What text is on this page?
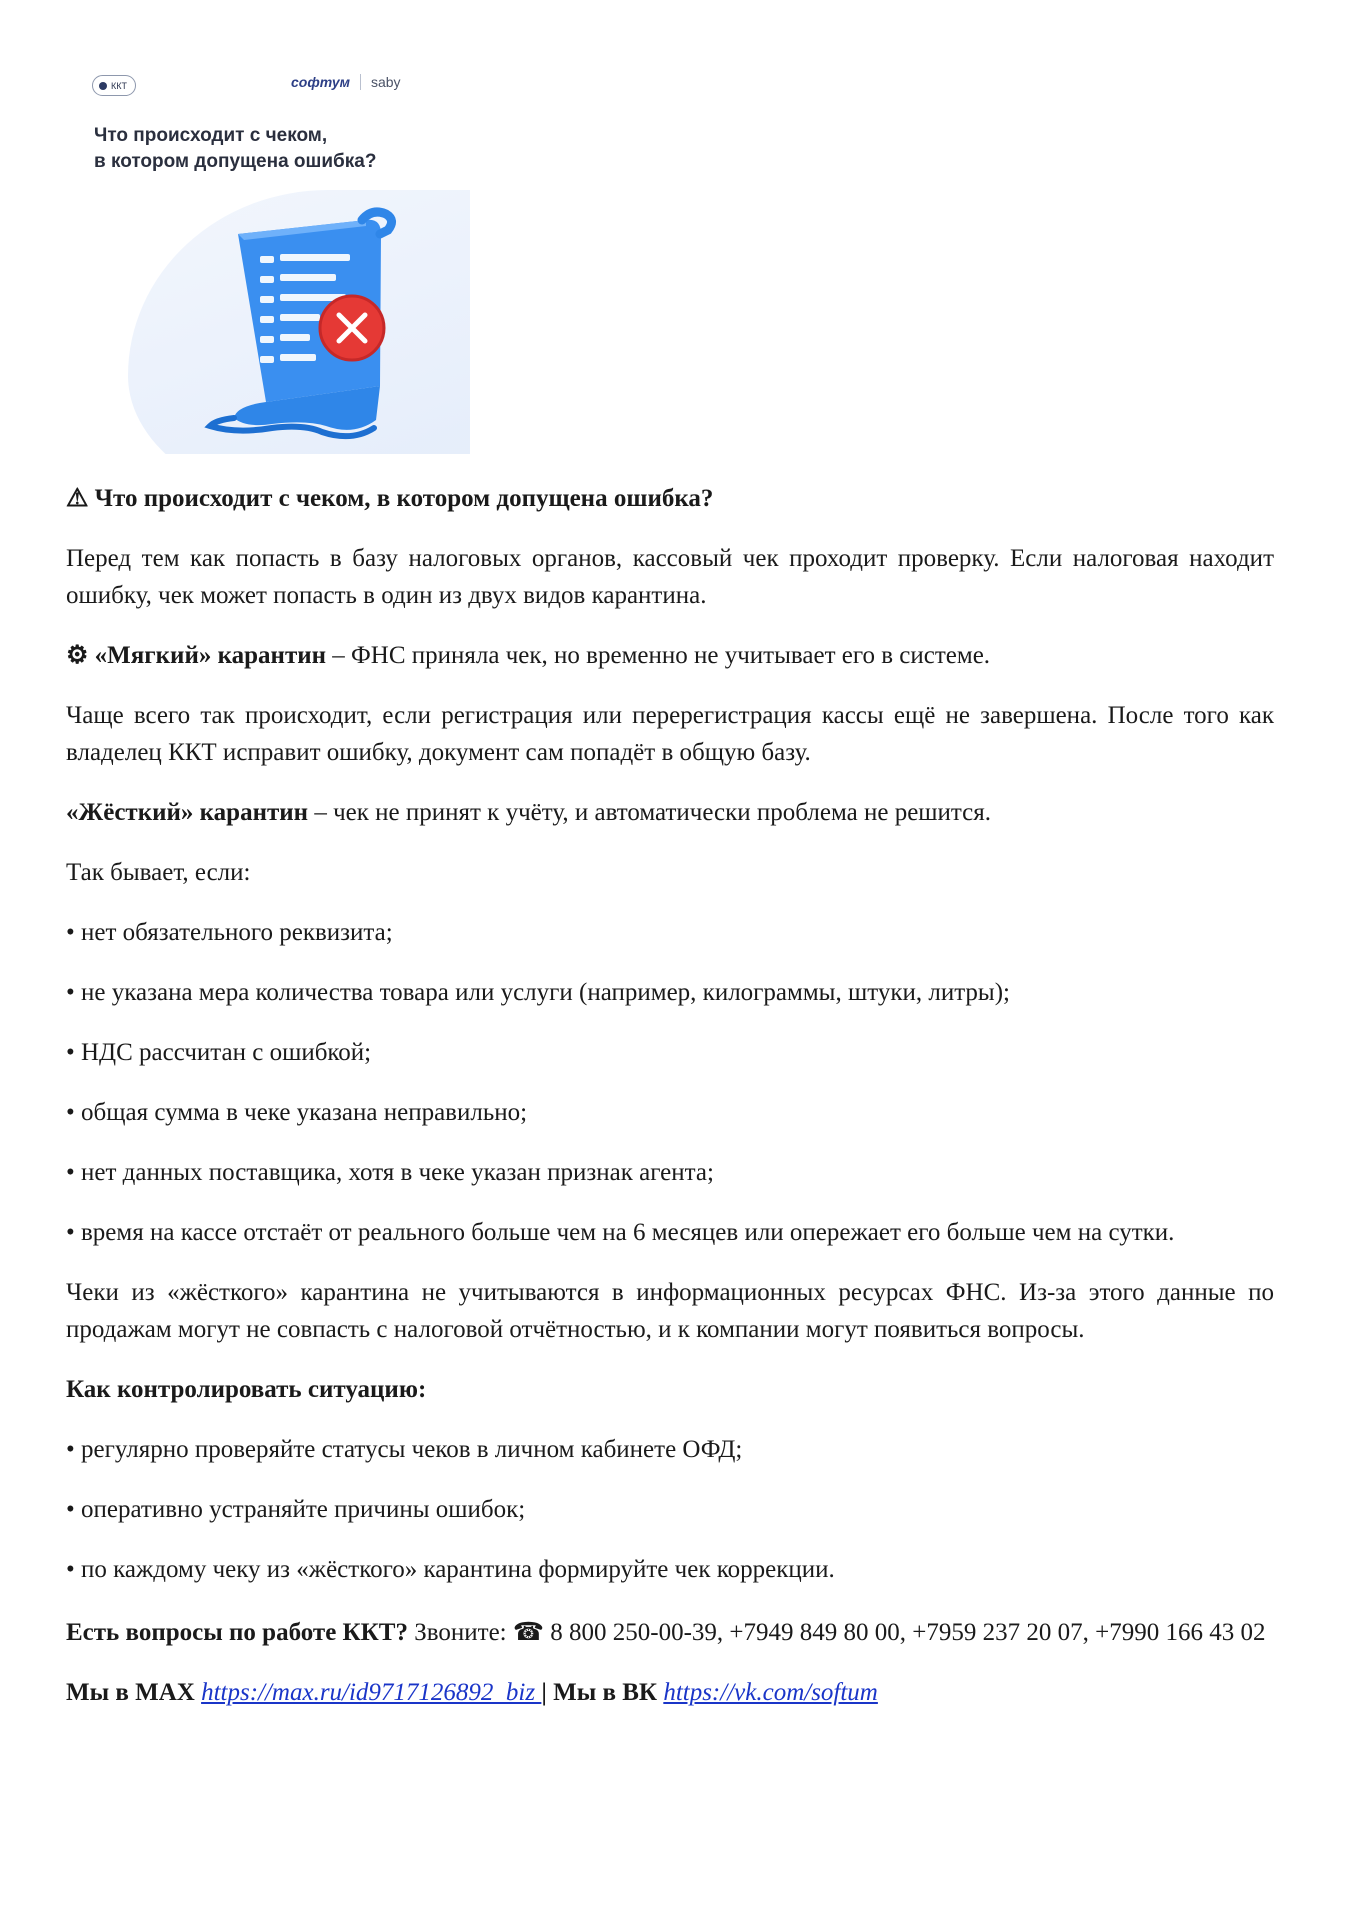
ККТ	софтум saby
Что происходит с чеком,
в котором допущена ошибка?

⚠ Что происходит с чеком, в котором допущена ошибка?

Перед тем как попасть в базу налоговых органов, кассовый чек проходит проверку. Если налоговая находит ошибку, чек может попасть в один из двух видов карантина.

⚙ «Мягкий» карантин – ФНС приняла чек, но временно не учитывает его в системе.

Чаще всего так происходит, если регистрация или перерегистрация кассы ещё не завершена. После того как владелец ККТ исправит ошибку, документ сам попадёт в общую базу.

«Жёсткий» карантин – чек не принят к учёту, и автоматически проблема не решится.

Так бывает, если:

• нет обязательного реквизита;

• не указана мера количества товара или услуги (например, килограммы, штуки, литры);

• НДС рассчитан с ошибкой;

• общая сумма в чеке указана неправильно;

• нет данных поставщика, хотя в чеке указан признак агента;

• время на кассе отстаёт от реального больше чем на 6 месяцев или опережает его больше чем на сутки.

Чеки из «жёсткого» карантина не учитываются в информационных ресурсах ФНС. Из-за этого данные по продажам могут не совпасть с налоговой отчётностью, и к компании могут появиться вопросы.

Как контролировать ситуацию:

• регулярно проверяйте статусы чеков в личном кабинете ОФД;

• оперативно устраняйте причины ошибок;

• по каждому чеку из «жёсткого» карантина формируйте чек коррекции.

Есть вопросы по работе ККТ? Звоните: ☎ 8 800 250-00-39, +7949 849 80 00, +7959 237 20 07, +7990 166 43 02

Мы в MAX https://max.ru/id9717126892_biz | Мы в ВК https://vk.com/softum
